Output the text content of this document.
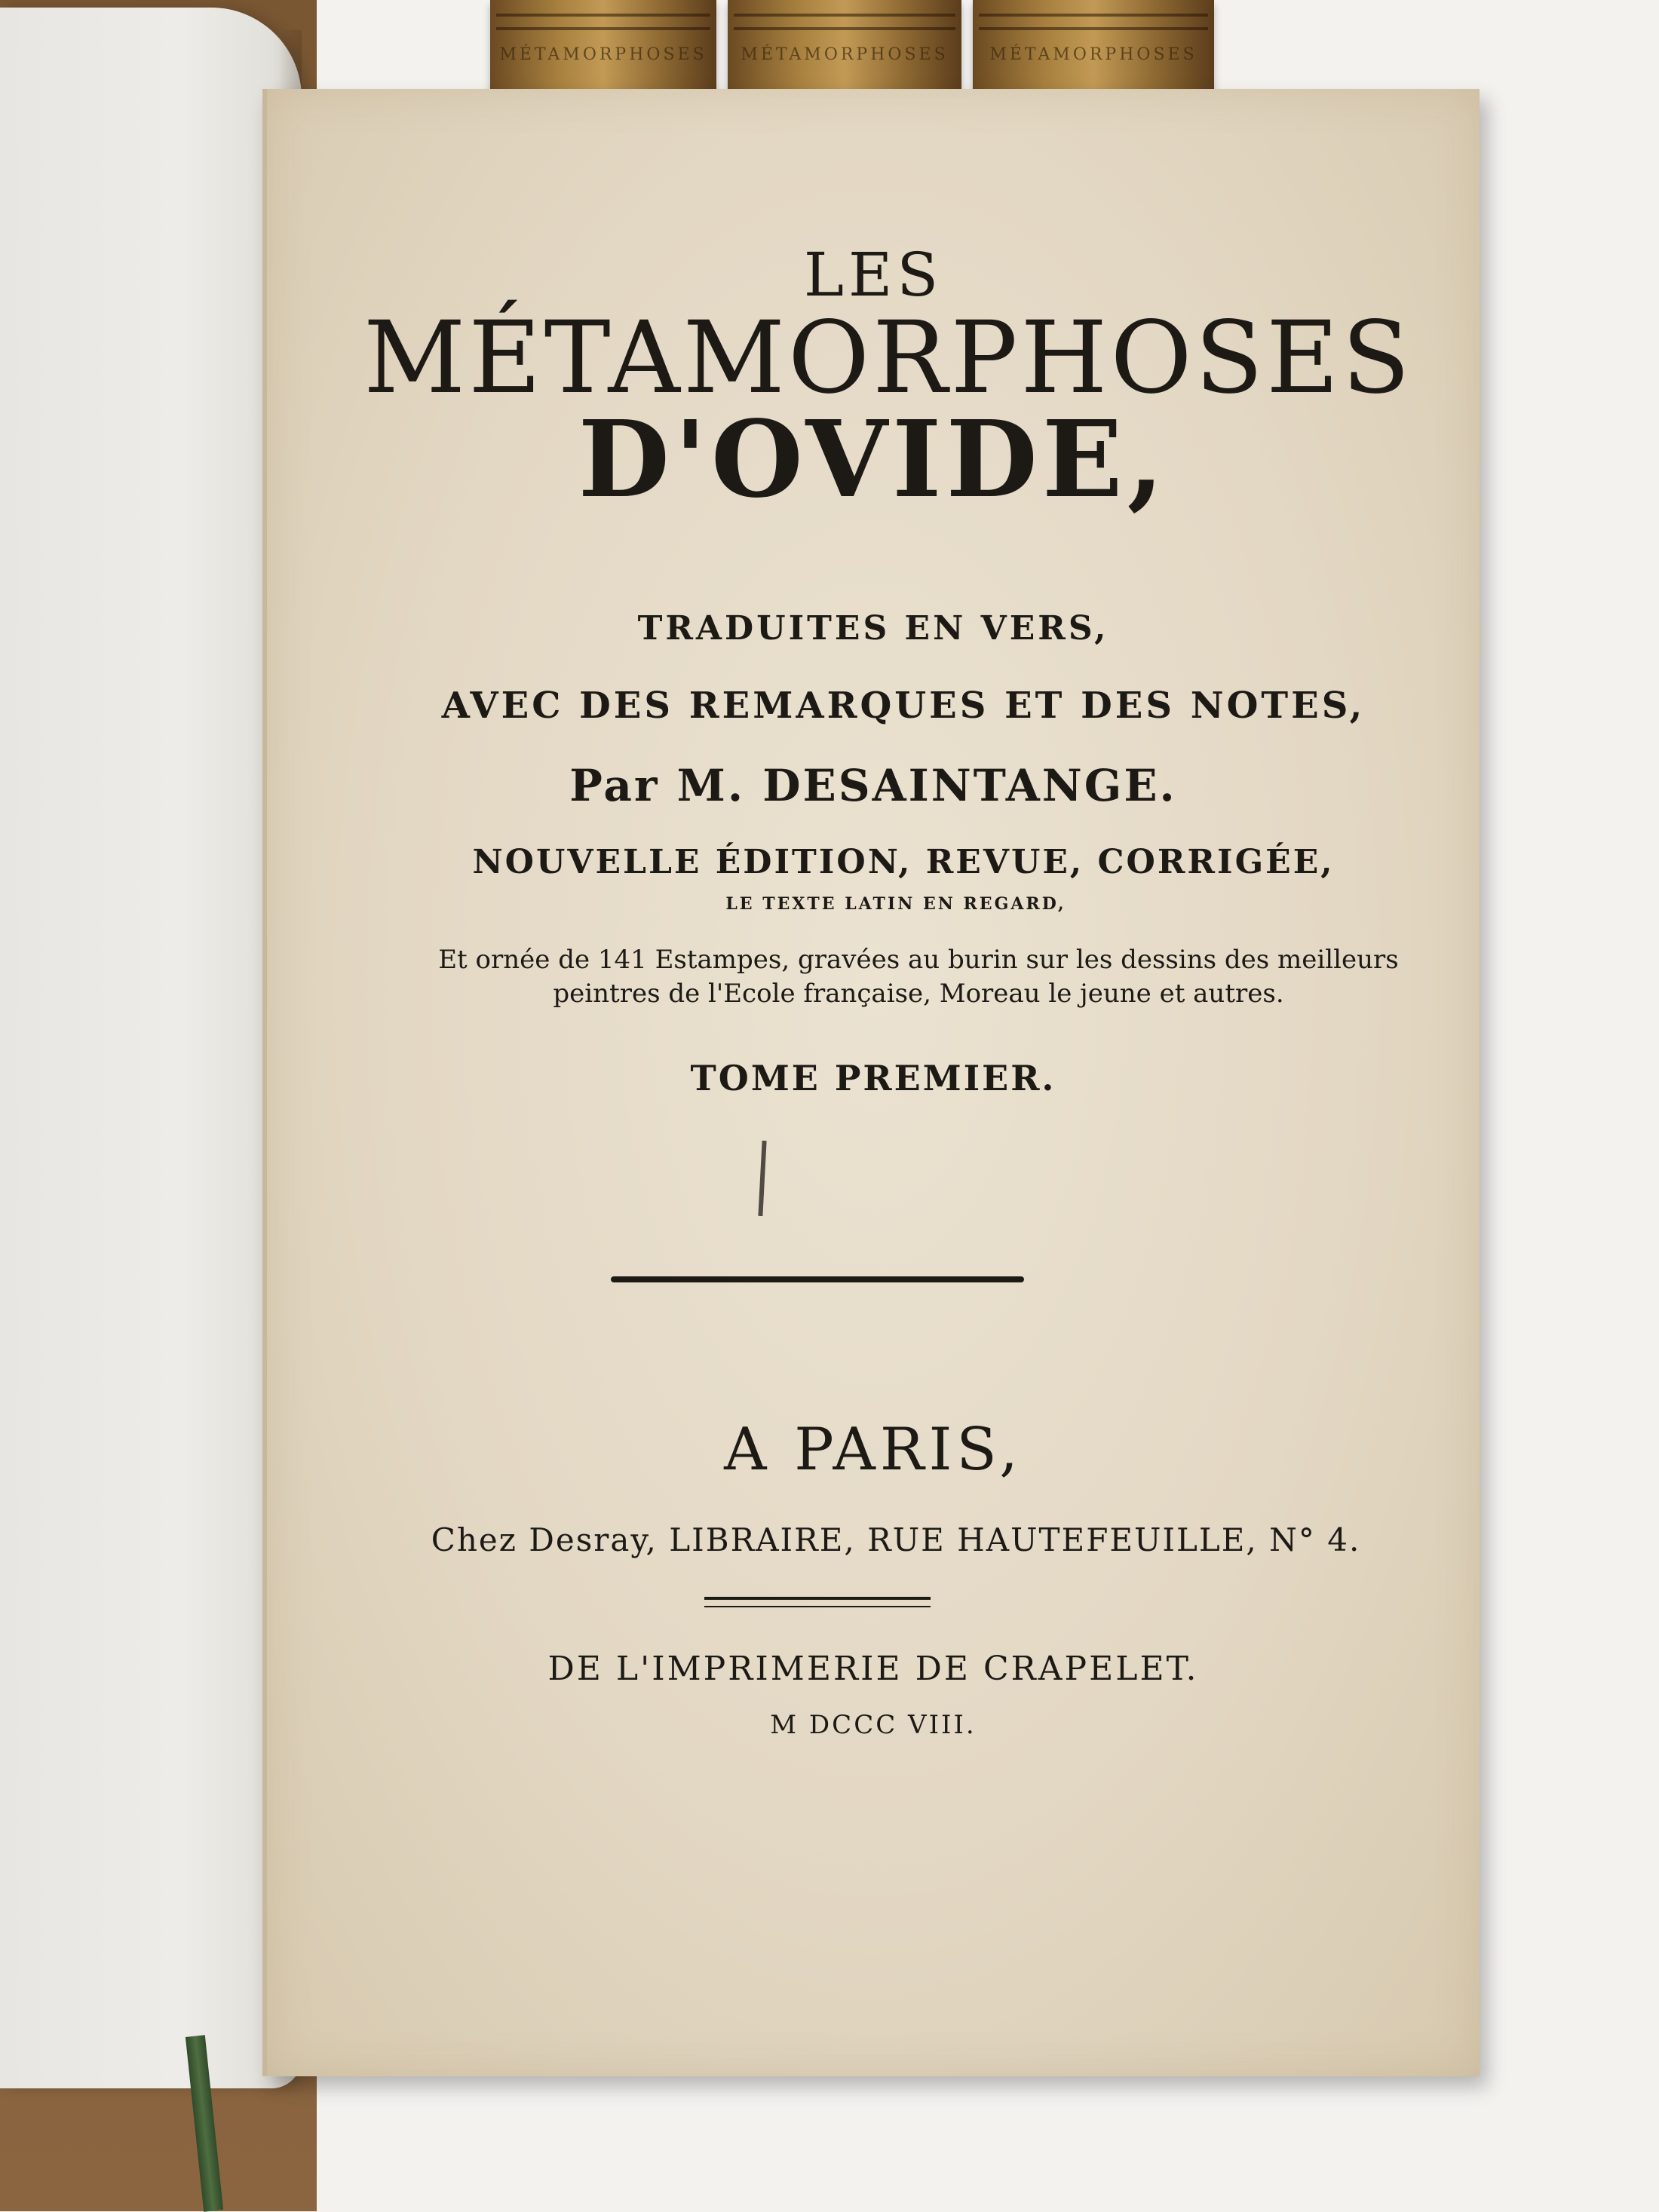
MÉTAMORPHOSES	MÉTAMORPHOSES	MÉTAMORPHOSES
LES
MÉTAMORPHOSES
D'OVIDE,
TRADUITES EN VERS,
AVEC DES REMARQUES ET DES NOTES,
Par M. DESAINTANGE.
NOUVELLE ÉDITION, REVUE, CORRIGÉE,
LE TEXTE LATIN EN REGARD,
Et ornée de 141 Estampes, gravées au burin sur les dessins des meilleurs
peintres de l'Ecole française, Moreau le jeune et autres.
TOME PREMIER.
A PARIS,
Chez Desray, LIBRAIRE, RUE HAUTEFEUILLE, N° 4.
DE L'IMPRIMERIE DE CRAPELET.
M DCCC VIII.
